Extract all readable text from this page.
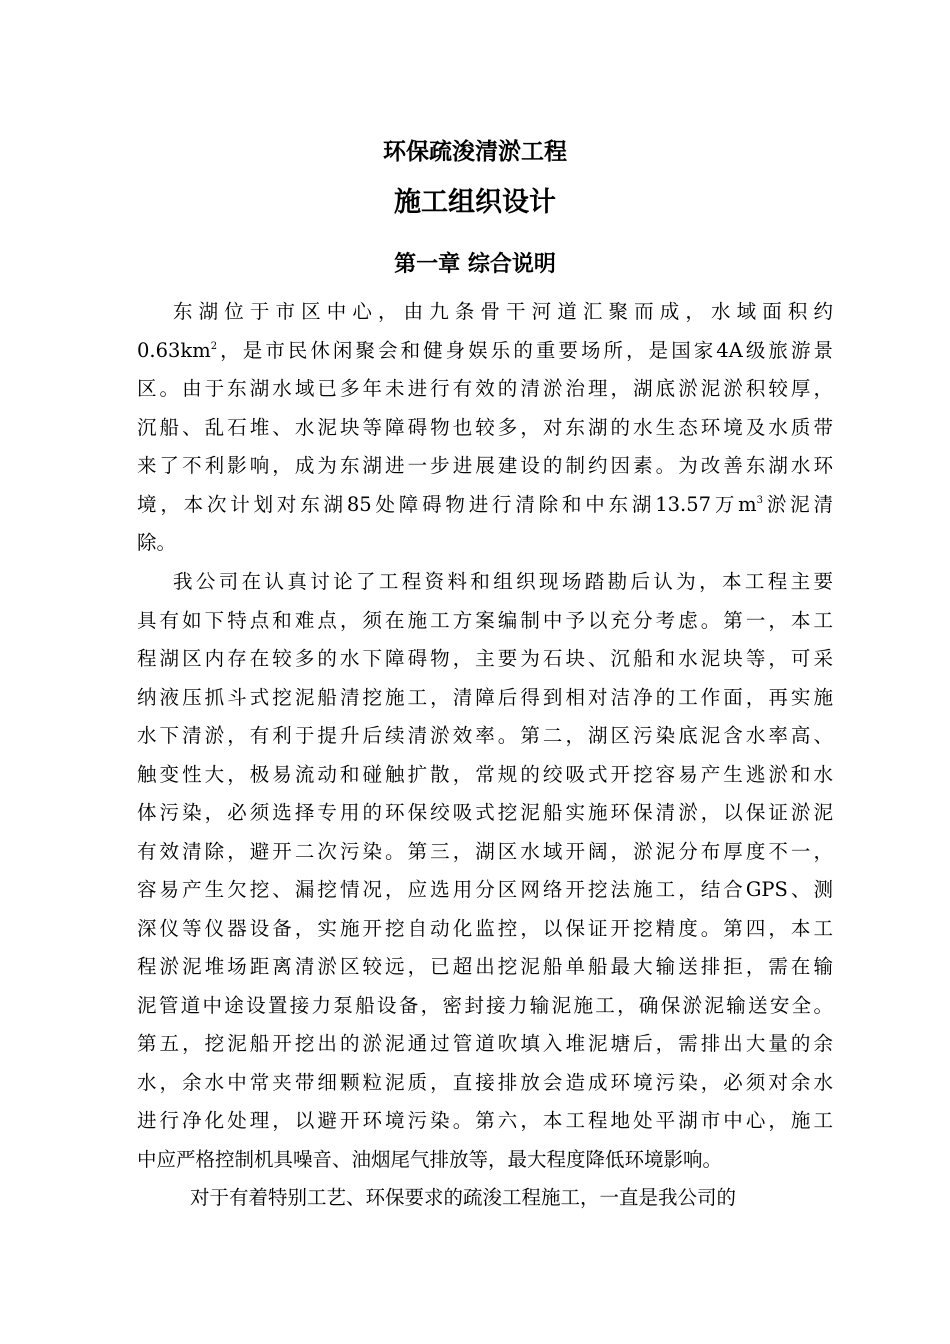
环保疏浚清淤工程
施工组织设计
第一章 综合说明
东湖位于市区中心，由九条骨干河道汇聚而成，水域面积约
$0.63km^2$，是市民休闲聚会和健身娱乐的重要场所，是国家4A级旅游景
区。由于东湖水域已多年未进行有效的清淤治理，湖底淤泥淤积较厚，
沉船、乱石堆、水泥块等障碍物也较多，对东湖的水生态环境及水质带
来了不利影响，成为东湖进一步进展建设的制约因素。为改善东湖水环
境，本次计划对东湖85处障碍物进行清除和中东湖13.57万$m^3$淤泥清
除。
我公司在认真讨论了工程资料和组织现场踏勘后认为，本工程主要
具有如下特点和难点，须在施工方案编制中予以充分考虑。第一，本工
程湖区内存在较多的水下障碍物，主要为石块、沉船和水泥块等，可采
纳液压抓斗式挖泥船清挖施工，清障后得到相对洁净的工作面，再实施
水下清淤，有利于提升后续清淤效率。第二，湖区污染底泥含水率高、
触变性大，极易流动和碰触扩散，常规的绞吸式开挖容易产生逃淤和水
体污染，必须选择专用的环保绞吸式挖泥船实施环保清淤，以保证淤泥
有效清除，避开二次污染。第三，湖区水域开阔，淤泥分布厚度不一，
容易产生欠挖、漏挖情况，应选用分区网络开挖法施工，结合GPS、测
深仪等仪器设备，实施开挖自动化监控，以保证开挖精度。第四，本工
程淤泥堆场距离清淤区较远，已超出挖泥船单船最大输送排拒，需在输
泥管道中途设置接力泵船设备，密封接力输泥施工，确保淤泥输送安全。
第五，挖泥船开挖出的淤泥通过管道吹填入堆泥塘后，需排出大量的余
水，余水中常夹带细颗粒泥质，直接排放会造成环境污染，必须对余水
进行净化处理，以避开环境污染。第六，本工程地处平湖市中心，施工
中应严格控制机具噪音、油烟尾气排放等，最大程度降低环境影响。
对于有着特别工艺、环保要求的疏浚工程施工，一直是我公司的
